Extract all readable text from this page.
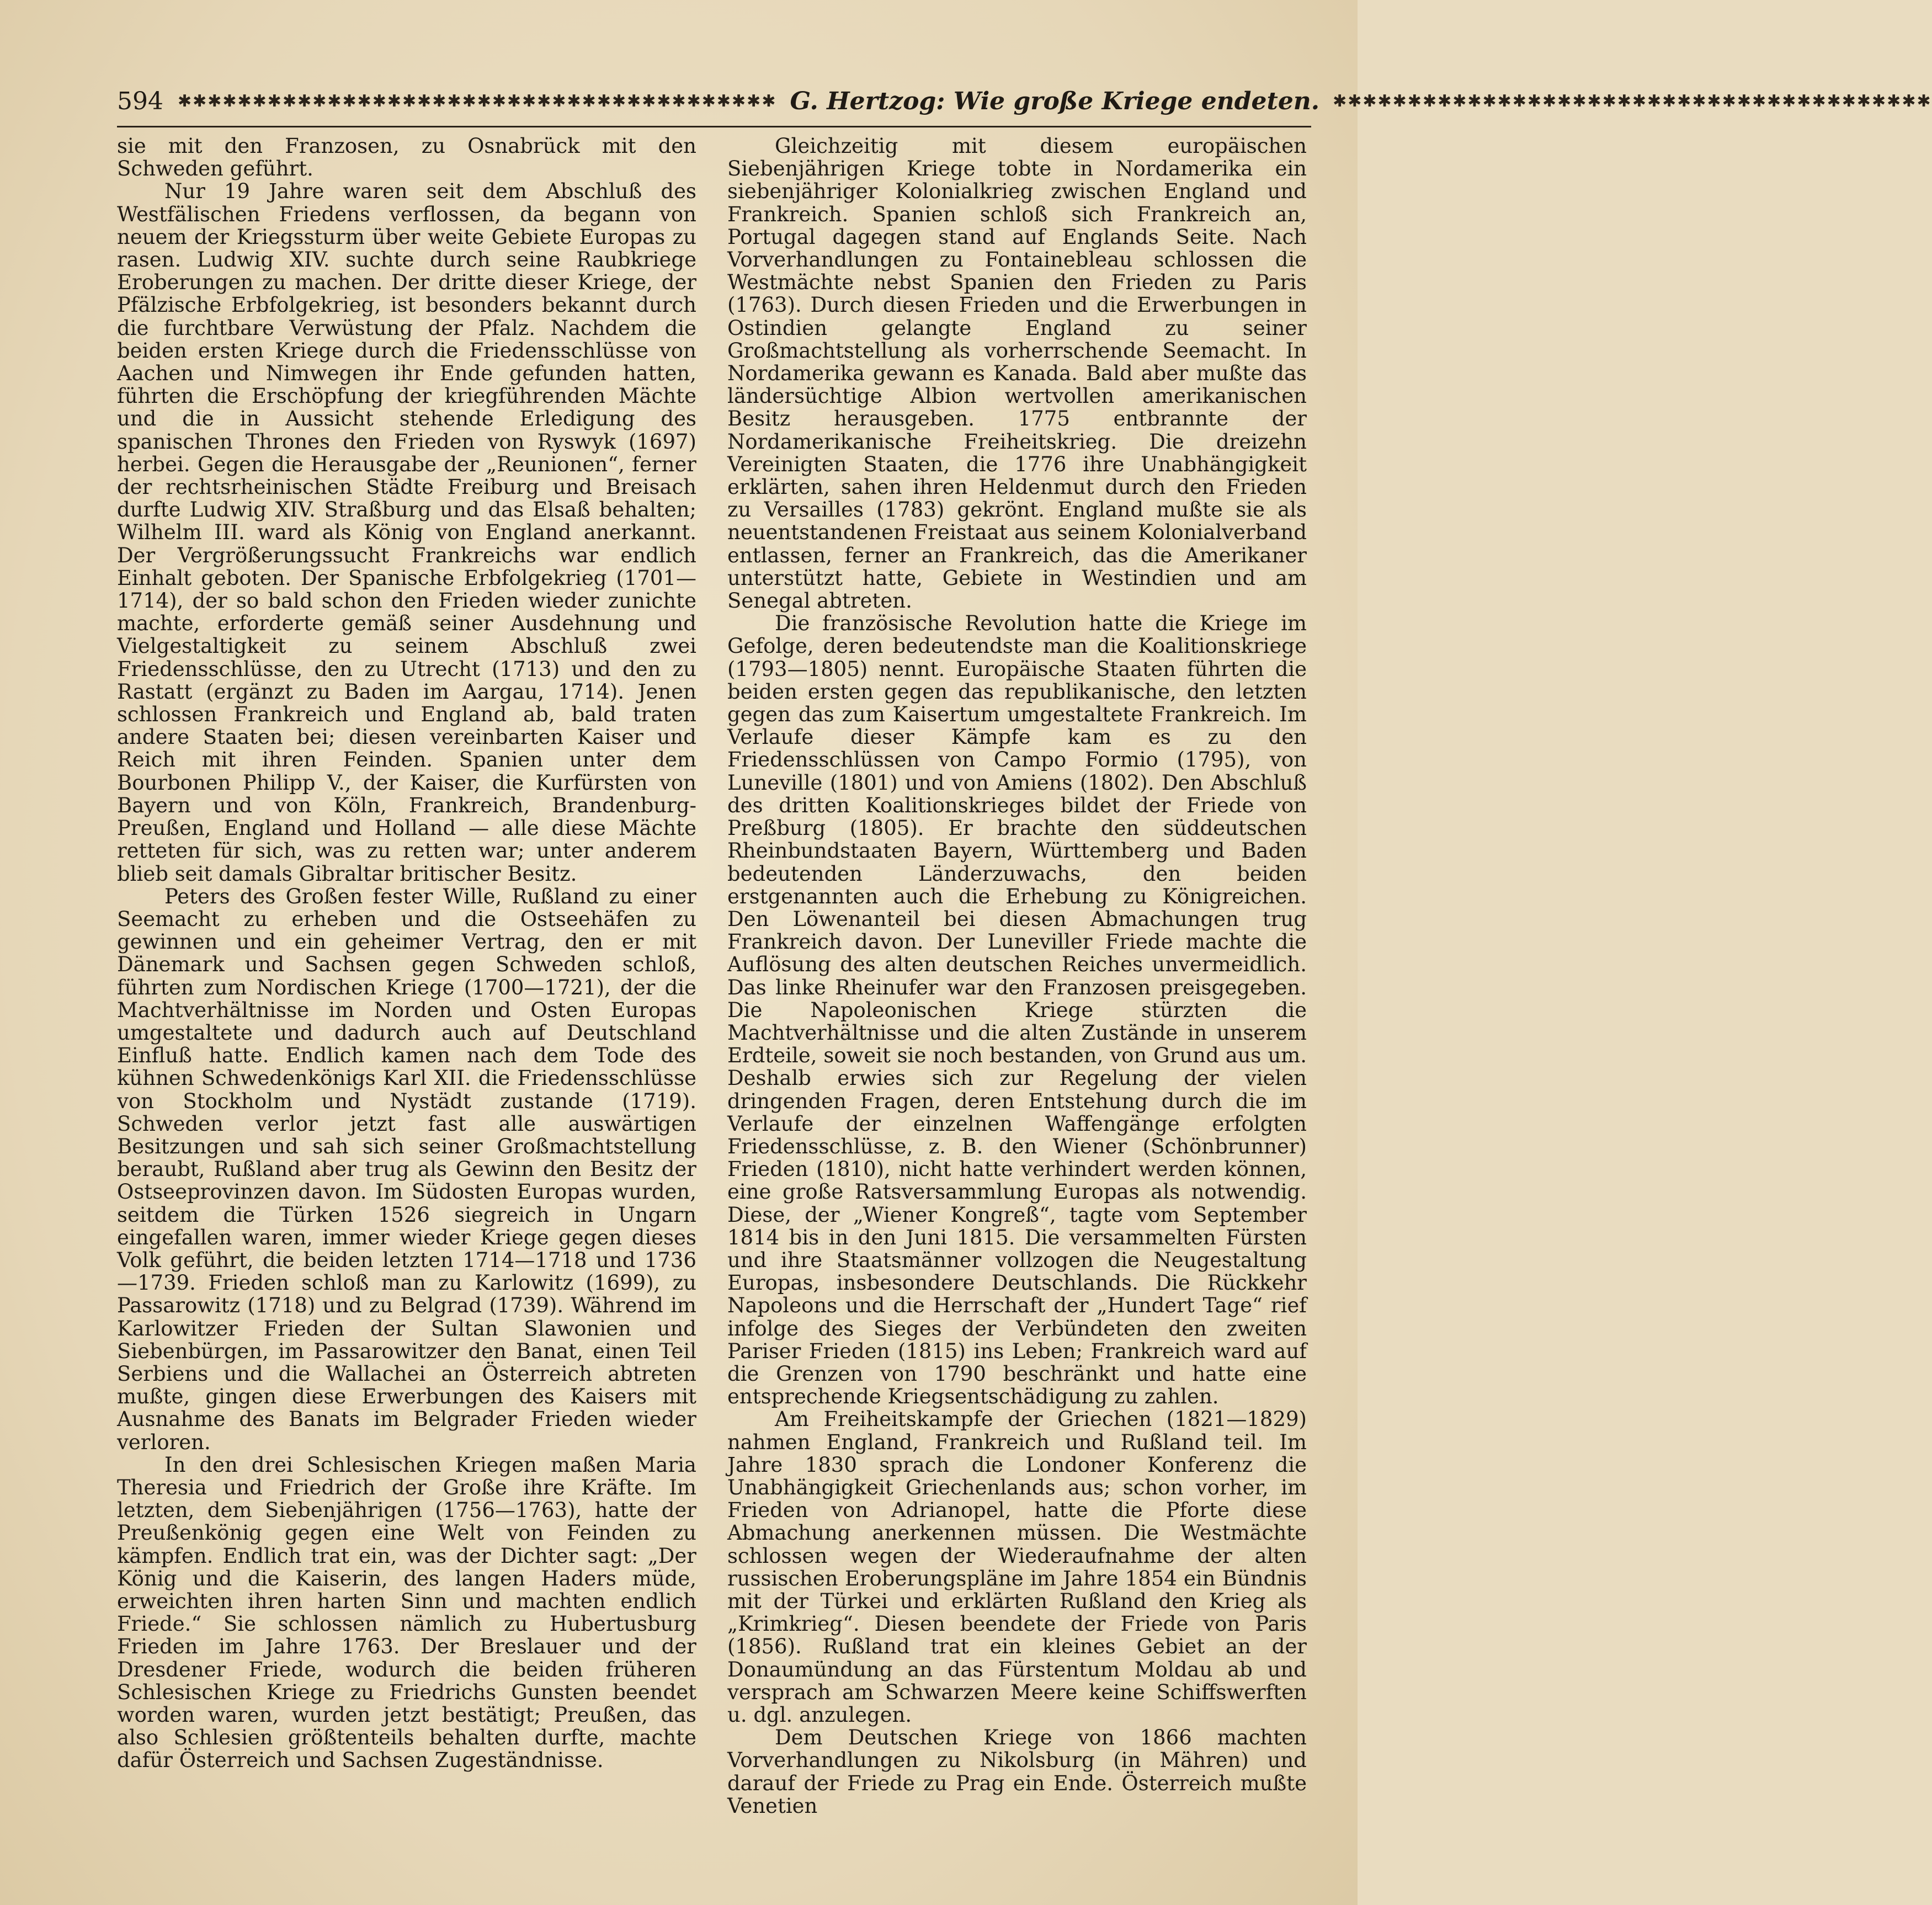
594 ✱✱✱✱✱✱✱✱✱✱✱✱✱✱✱✱✱✱✱✱✱✱✱✱✱✱✱✱✱✱✱✱✱✱✱✱✱✱✱✱ G. Hertzog: Wie große Kriege endeten. ✱✱✱✱✱✱✱✱✱✱✱✱✱✱✱✱✱✱✱✱✱✱✱✱✱✱✱✱✱✱✱✱✱✱✱✱✱✱✱✱

sie mit den Franzosen, zu Osnabrück mit den Schweden geführt.

Nur 19 Jahre waren seit dem Abschluß des Westfälischen Friedens verflossen, da begann von neuem der Kriegssturm über weite Gebiete Europas zu rasen. Ludwig XIV. suchte durch seine Raubkriege Eroberungen zu machen. Der dritte dieser Kriege, der Pfälzische Erbfolgekrieg, ist besonders bekannt durch die furchtbare Verwüstung der Pfalz. Nachdem die beiden ersten Kriege durch die Friedensschlüsse von Aachen und Nimwegen ihr Ende gefunden hatten, führten die Erschöpfung der kriegführenden Mächte und die in Aussicht stehende Erledigung des spanischen Thrones den Frieden von Ryswyk (1697) herbei. Gegen die Herausgabe der „Reunionen“, ferner der rechtsrheinischen Städte Freiburg und Breisach durfte Ludwig XIV. Straßburg und das Elsaß behalten; Wilhelm III. ward als König von England anerkannt. Der Vergrößerungssucht Frankreichs war endlich Einhalt geboten. Der Spanische Erbfolgekrieg (1701—1714), der so bald schon den Frieden wieder zunichte machte, erforderte gemäß seiner Ausdehnung und Vielgestaltigkeit zu seinem Abschluß zwei Friedensschlüsse, den zu Utrecht (1713) und den zu Rastatt (ergänzt zu Baden im Aargau, 1714). Jenen schlossen Frankreich und England ab, bald traten andere Staaten bei; diesen vereinbarten Kaiser und Reich mit ihren Feinden. Spanien unter dem Bourbonen Philipp V., der Kaiser, die Kurfürsten von Bayern und von Köln, Frankreich, Brandenburg-Preußen, England und Holland — alle diese Mächte retteten für sich, was zu retten war; unter anderem blieb seit damals Gibraltar britischer Besitz.

Peters des Großen fester Wille, Rußland zu einer Seemacht zu erheben und die Ostseehäfen zu gewinnen und ein geheimer Vertrag, den er mit Dänemark und Sachsen gegen Schweden schloß, führten zum Nordischen Kriege (1700—1721), der die Machtverhältnisse im Norden und Osten Europas umgestaltete und dadurch auch auf Deutschland Einfluß hatte. Endlich kamen nach dem Tode des kühnen Schwedenkönigs Karl XII. die Friedensschlüsse von Stockholm und Nystädt zustande (1719). Schweden verlor jetzt fast alle auswärtigen Besitzungen und sah sich seiner Großmachtstellung beraubt, Rußland aber trug als Gewinn den Besitz der Ostseeprovinzen davon. Im Südosten Europas wurden, seitdem die Türken 1526 siegreich in Ungarn eingefallen waren, immer wieder Kriege gegen dieses Volk geführt, die beiden letzten 1714—1718 und 1736—1739. Frieden schloß man zu Karlowitz (1699), zu Passarowitz (1718) und zu Belgrad (1739). Während im Karlowitzer Frieden der Sultan Slawonien und Siebenbürgen, im Passarowitzer den Banat, einen Teil Serbiens und die Wallachei an Österreich abtreten mußte, gingen diese Erwerbungen des Kaisers mit Ausnahme des Banats im Belgrader Frieden wieder verloren.

In den drei Schlesischen Kriegen maßen Maria Theresia und Friedrich der Große ihre Kräfte. Im letzten, dem Siebenjährigen (1756—1763), hatte der Preußenkönig gegen eine Welt von Feinden zu kämpfen. Endlich trat ein, was der Dichter sagt: „Der König und die Kaiserin, des langen Haders müde, erweichten ihren harten Sinn und machten endlich Friede.“ Sie schlossen nämlich zu Hubertusburg Frieden im Jahre 1763. Der Breslauer und der Dresdener Friede, wodurch die beiden früheren Schlesischen Kriege zu Friedrichs Gunsten beendet worden waren, wurden jetzt bestätigt; Preußen, das also Schlesien größtenteils behalten durfte, machte dafür Österreich und Sachsen Zugeständnisse.

Gleichzeitig mit diesem europäischen Siebenjährigen Kriege tobte in Nordamerika ein siebenjähriger Kolonialkrieg zwischen England und Frankreich. Spanien schloß sich Frankreich an, Portugal dagegen stand auf Englands Seite. Nach Vorverhandlungen zu Fontainebleau schlossen die Westmächte nebst Spanien den Frieden zu Paris (1763). Durch diesen Frieden und die Erwerbungen in Ostindien gelangte England zu seiner Großmachtstellung als vorherrschende Seemacht. In Nordamerika gewann es Kanada. Bald aber mußte das ländersüchtige Albion wertvollen amerikanischen Besitz herausgeben. 1775 entbrannte der Nordamerikanische Freiheitskrieg. Die dreizehn Vereinigten Staaten, die 1776 ihre Unabhängigkeit erklärten, sahen ihren Heldenmut durch den Frieden zu Versailles (1783) gekrönt. England mußte sie als neuentstandenen Freistaat aus seinem Kolonialverband entlassen, ferner an Frankreich, das die Amerikaner unterstützt hatte, Gebiete in Westindien und am Senegal abtreten.

Die französische Revolution hatte die Kriege im Gefolge, deren bedeutendste man die Koalitionskriege (1793—1805) nennt. Europäische Staaten führten die beiden ersten gegen das republikanische, den letzten gegen das zum Kaisertum umgestaltete Frankreich. Im Verlaufe dieser Kämpfe kam es zu den Friedensschlüssen von Campo Formio (1795), von Luneville (1801) und von Amiens (1802). Den Abschluß des dritten Koalitionskrieges bildet der Friede von Preßburg (1805). Er brachte den süddeutschen Rheinbundstaaten Bayern, Württemberg und Baden bedeutenden Länderzuwachs, den beiden erstgenannten auch die Erhebung zu Königreichen. Den Löwenanteil bei diesen Abmachungen trug Frankreich davon. Der Luneviller Friede machte die Auflösung des alten deutschen Reiches unvermeidlich. Das linke Rheinufer war den Franzosen preisgegeben. Die Napoleonischen Kriege stürzten die Machtverhältnisse und die alten Zustände in unserem Erdteile, soweit sie noch bestanden, von Grund aus um. Deshalb erwies sich zur Regelung der vielen dringenden Fragen, deren Entstehung durch die im Verlaufe der einzelnen Waffengänge erfolgten Friedensschlüsse, z. B. den Wiener (Schönbrunner) Frieden (1810), nicht hatte verhindert werden können, eine große Ratsversammlung Europas als notwendig. Diese, der „Wiener Kongreß“, tagte vom September 1814 bis in den Juni 1815. Die versammelten Fürsten und ihre Staatsmänner vollzogen die Neugestaltung Europas, insbesondere Deutschlands. Die Rückkehr Napoleons und die Herrschaft der „Hundert Tage“ rief infolge des Sieges der Verbündeten den zweiten Pariser Frieden (1815) ins Leben; Frankreich ward auf die Grenzen von 1790 beschränkt und hatte eine entsprechende Kriegsentschädigung zu zahlen.

Am Freiheitskampfe der Griechen (1821—1829) nahmen England, Frankreich und Rußland teil. Im Jahre 1830 sprach die Londoner Konferenz die Unabhängigkeit Griechenlands aus; schon vorher, im Frieden von Adrianopel, hatte die Pforte diese Abmachung anerkennen müssen. Die Westmächte schlossen wegen der Wiederaufnahme der alten russischen Eroberungspläne im Jahre 1854 ein Bündnis mit der Türkei und erklärten Rußland den Krieg als „Krimkrieg“. Diesen beendete der Friede von Paris (1856). Rußland trat ein kleines Gebiet an der Donaumündung an das Fürstentum Moldau ab und versprach am Schwarzen Meere keine Schiffswerften u. dgl. anzulegen.

Dem Deutschen Kriege von 1866 machten Vorverhandlungen zu Nikolsburg (in Mähren) und darauf der Friede zu Prag ein Ende. Österreich mußte Venetien
